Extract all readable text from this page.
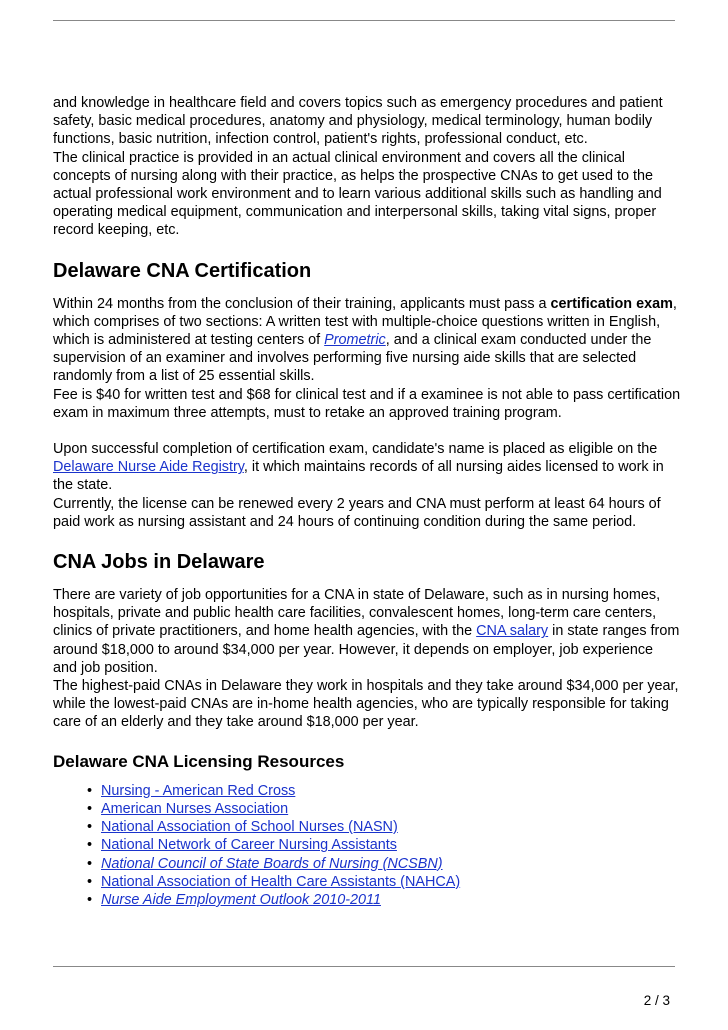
and knowledge in healthcare field and covers topics such as emergency procedures and patient safety, basic medical procedures, anatomy and physiology, medical terminology, human bodily functions, basic nutrition, infection control, patient's rights, professional conduct, etc.

The clinical practice is provided in an actual clinical environment and covers all the clinical concepts of nursing along with their practice, as helps the prospective CNAs to get used to the actual professional work environment and to learn various additional skills such as handling and operating medical equipment, communication and interpersonal skills, taking vital signs, proper record keeping, etc.

Delaware CNA Certification

Within 24 months from the conclusion of their training, applicants must pass a certification exam, which comprises of two sections: A written test with multiple-choice questions written in English, which is administered at testing centers of Prometric, and a clinical exam conducted under the supervision of an examiner and involves performing five nursing aide skills that are selected randomly from a list of 25 essential skills.

Fee is $40 for written test and $68 for clinical test and if a examinee is not able to pass certification exam in maximum three attempts, must to retake an approved training program.

Upon successful completion of certification exam, candidate's name is placed as eligible on the Delaware Nurse Aide Registry, it which maintains records of all nursing aides licensed to work in the state.

Currently, the license can be renewed every 2 years and CNA must perform at least 64 hours of paid work as nursing assistant and 24 hours of continuing condition during the same period.

CNA Jobs in Delaware

There are variety of job opportunities for a CNA in state of Delaware, such as in nursing homes, hospitals, private and public health care facilities, convalescent homes, long-term care centers, clinics of private practitioners, and home health agencies, with the CNA salary in state ranges from around $18,000 to around $34,000 per year. However, it depends on employer, job experience and job position.

The highest-paid CNAs in Delaware they work in hospitals and they take around $34,000 per year, while the lowest-paid CNAs are in-home health agencies, who are typically responsible for taking care of an elderly and they take around $18,000 per year.

Delaware CNA Licensing Resources
• Nursing - American Red Cross
• American Nurses Association
• National Association of School Nurses (NASN)
• National Network of Career Nursing Assistants
• National Council of State Boards of Nursing (NCSBN)
• National Association of Health Care Assistants (NAHCA)
• Nurse Aide Employment Outlook 2010-2011
2 / 3
